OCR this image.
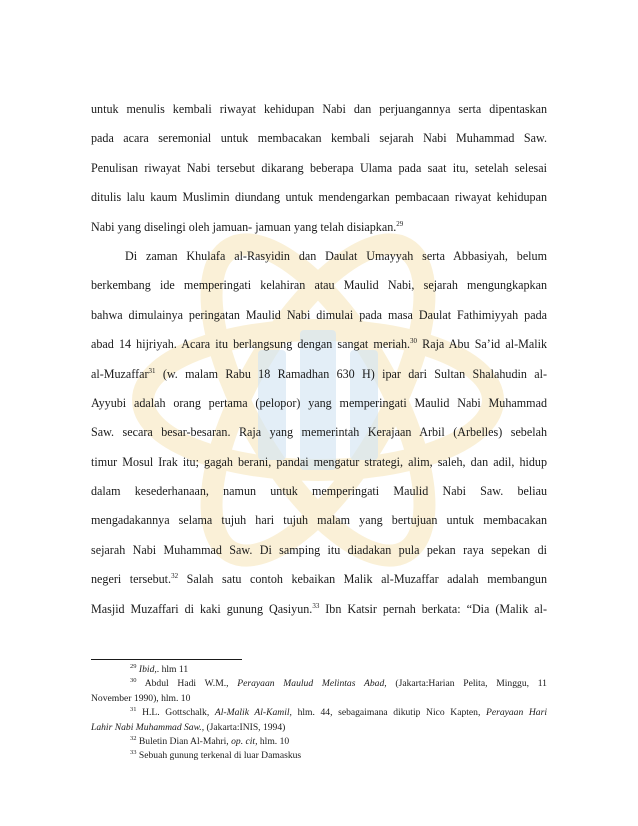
untuk menulis kembali riwayat kehidupan Nabi dan perjuangannya serta dipentaskan
pada acara seremonial untuk membacakan kembali sejarah Nabi Muhammad Saw.
Penulisan riwayat Nabi tersebut dikarang beberapa Ulama pada saat itu, setelah selesai
ditulis lalu kaum Muslimin diundang untuk mendengarkan pembacaan riwayat kehidupan
Nabi yang diselingi oleh jamuan- jamuan yang telah disiapkan.$^{29}$
Di zaman Khulafa al-Rasyidin dan Daulat Umayyah serta Abbasiyah, belum
berkembang ide memperingati kelahiran atau Maulid Nabi, sejarah mengungkapkan
bahwa dimulainya peringatan Maulid Nabi dimulai pada masa Daulat Fathimiyyah pada
abad 14 hijriyah. Acara itu berlangsung dengan sangat meriah.$^{30}$ Raja Abu Sa’id al-Malik
al-Muzaffar$^{31}$ (w. malam Rabu 18 Ramadhan 630 H) ipar dari Sultan Shalahudin al-
Ayyubi adalah orang pertama (pelopor) yang memperingati Maulid Nabi Muhammad
Saw. secara besar-besaran. Raja yang memerintah Kerajaan Arbil (Arbelles) sebelah
timur Mosul Irak itu; gagah berani, pandai mengatur strategi, alim, saleh, dan adil, hidup
dalam kesederhanaan, namun untuk memperingati Maulid Nabi Saw. beliau
mengadakannya selama tujuh hari tujuh malam yang bertujuan untuk membacakan
sejarah Nabi Muhammad Saw. Di samping itu diadakan pula pekan raya sepekan di
negeri tersebut.$^{32}$ Salah satu contoh kebaikan Malik al-Muzaffar adalah membangun
Masjid Muzaffari di kaki gunung Qasiyun.$^{33}$ Ibn Katsir pernah berkata: “Dia (Malik al-
$^{29}$ Ibid,. hlm 11
$^{30}$ Abdul Hadi W.M., Perayaan Maulud Melintas Abad, (Jakarta:Harian Pelita, Minggu, 11
November 1990), hlm. 10
$^{31}$ H.L. Gottschalk, Al-Malik Al-Kamil, hlm. 44, sebagaimana dikutip Nico Kapten, Perayaan Hari
Lahir Nabi Muhammad Saw., (Jakarta:INIS, 1994)
$^{32}$ Buletin Dian Al-Mahri, op. cit, hlm. 10
$^{33}$ Sebuah gunung terkenal di luar Damaskus
